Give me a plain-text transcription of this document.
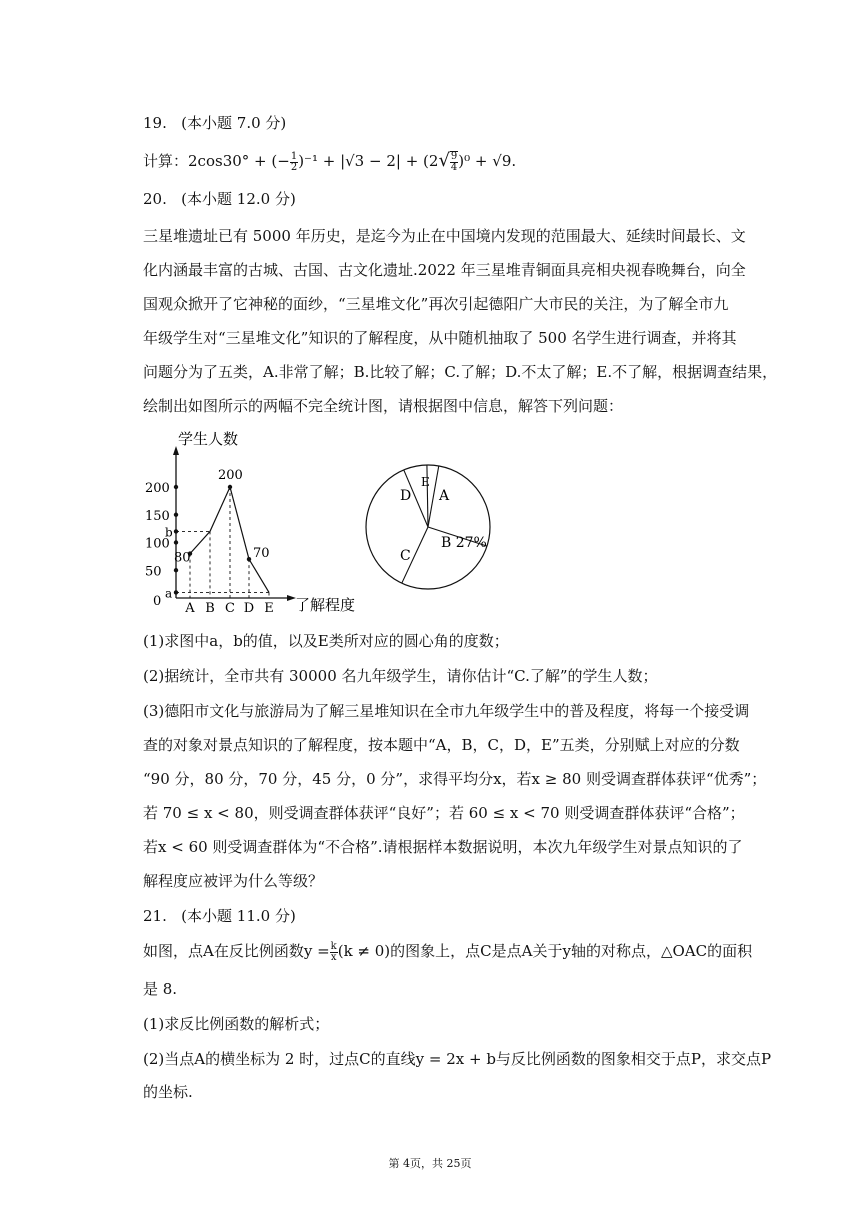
19. (本小题 7.0 分)
计算：2cos30° + (− $\frac{1}{2} )^{-1} + |√3 - 2| + (2√ \frac{9}{4} )^0 + √9$.
20. (本小题 12.0 分)
三星堆遗址已有 5000 年历史，是迄今为止在中国境内发现的范围最大、延续时间最长、文
化内涵最丰富的古城、古国、古文化遗址.2022 年三星堆青铜面具亮相央视春晚舞台，向全
国观众掀开了它神秘的面纱，“三星堆文化”再次引起德阳广大市民的关注，为了解全市九
年级学生对“三星堆文化”知识的了解程度，从中随机抽取了 500 名学生进行调查，并将其
问题分为了五类，A.非常了解；B.比较了解；C.了解；D.不太了解；E.不了解，根据调查结果，
绘制出如图所示的两幅不完全统计图，请根据图中信息，解答下列问题：
学生人数
了解程度
0
200
150
b
100
50
a
A B C D E
80
200
70
D
E
A
B 27%
C
(1)求图中a，b的值，以及E类所对应的圆心角的度数；
(2)据统计，全市共有 30000 名九年级学生，请你估计“C.了解”的学生人数；
(3)德阳市文化与旅游局为了解三星堆知识在全市九年级学生中的普及程度，将每一个接受调
查的对象对景点知识的了解程度，按本题中“A，B，C，D，E”五类，分别赋上对应的分数
“90 分，80 分，70 分，45 分，0 分”，求得平均分x，若x ≥ 80 则受调查群体获评“优秀”；
若 70 ≤ x < 80，则受调查群体获评“良好”；若 60 ≤ x < 70 则受调查群体获评“合格”；
若x < 60 则受调查群体为“不合格”.请根据样本数据说明，本次九年级学生对景点知识的了
解程度应被评为什么等级？
21. (本小题 11.0 分)
如图，点A在反比例函数$y = \frac{k}{x} (k \ne 0)$的图象上，点C是点A关于y轴的对称点，△OAC的面积
是 8.
(1)求反比例函数的解析式；
(2)当点A的横坐标为 2 时，过点C的直线y = 2x + b与反比例函数的图象相交于点P，求交点P
的坐标.
第 4页，共 25页
